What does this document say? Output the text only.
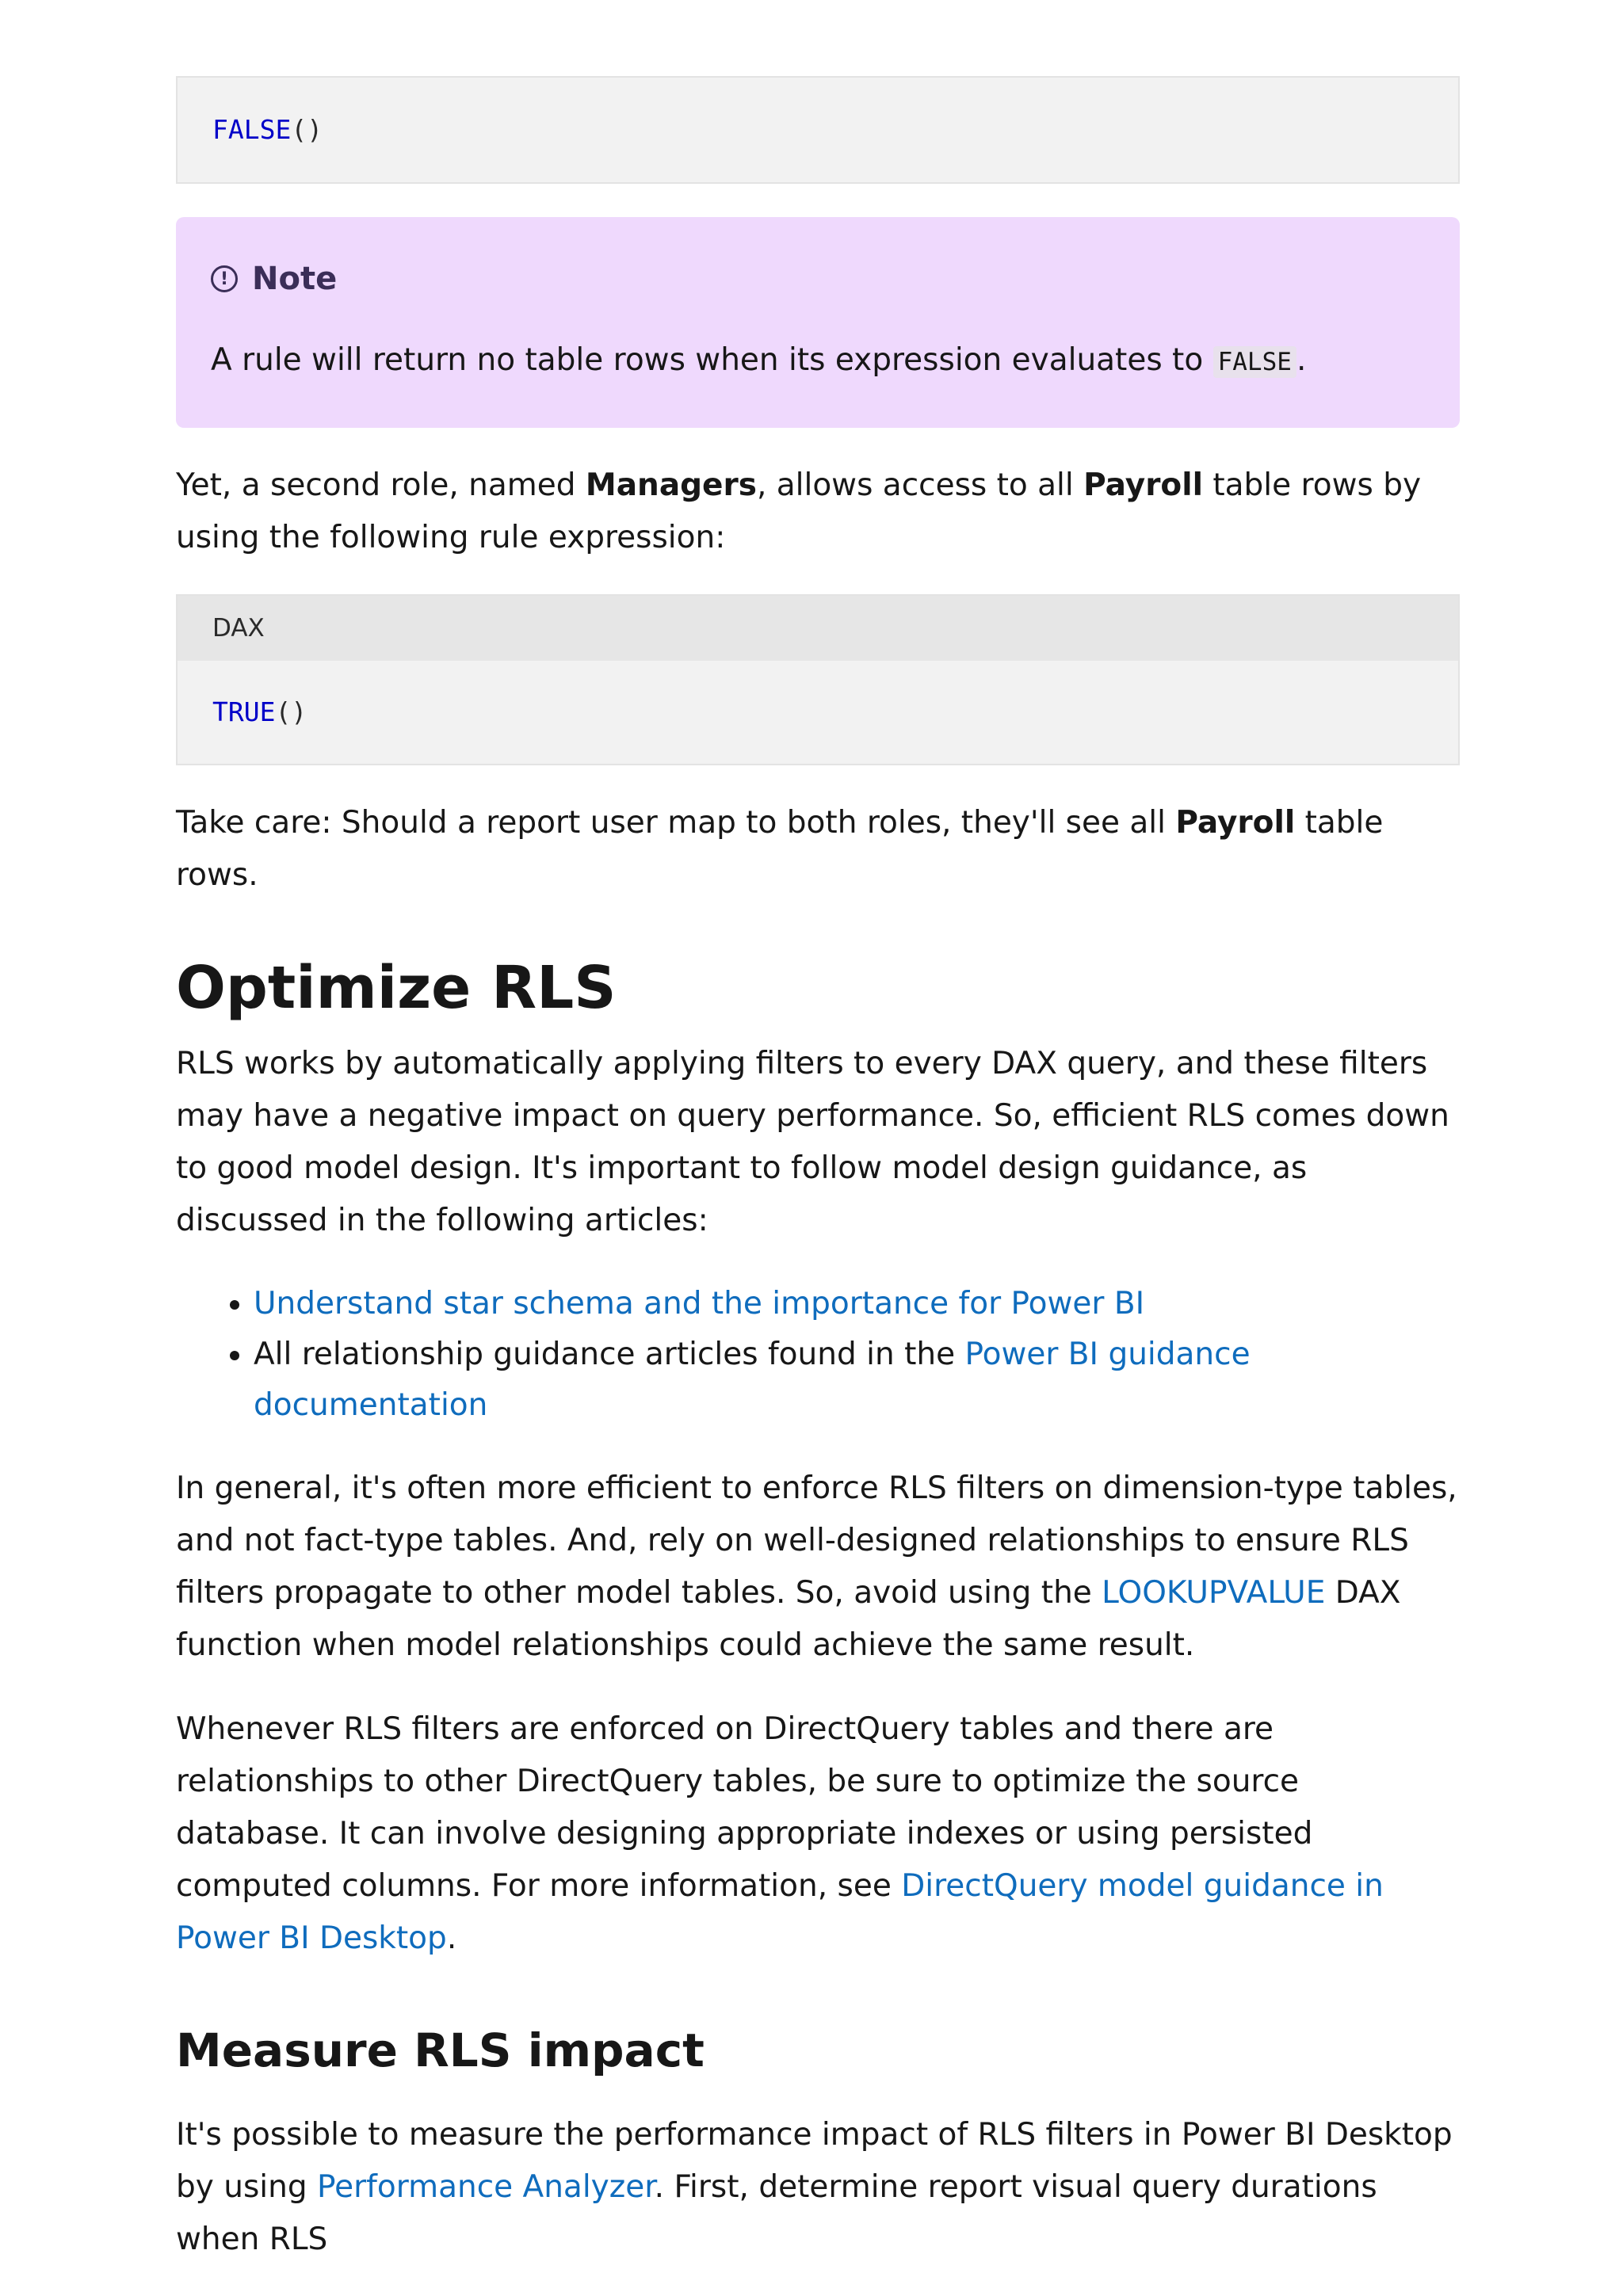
FALSE()
! Note
A rule will return no table rows when its expression evaluates to FALSE .

Yet, a second role, named Managers, allows access to all Payroll table rows by using the following rule expression:

DAX
TRUE()

Take care: Should a report user map to both roles, they'll see all Payroll table rows.

Optimize RLS

RLS works by automatically applying filters to every DAX query, and these filters may have a negative impact on query performance. So, efficient RLS comes down to good model design. It's important to follow model design guidance, as discussed in the following articles:

• Understand star schema and the importance for Power BI
• All relationship guidance articles found in the Power BI guidance documentation

In general, it's often more efficient to enforce RLS filters on dimension-type tables, and not fact-type tables. And, rely on well-designed relationships to ensure RLS filters propagate to other model tables. So, avoid using the LOOKUPVALUE DAX function when model relationships could achieve the same result.

Whenever RLS filters are enforced on DirectQuery tables and there are relationships to other DirectQuery tables, be sure to optimize the source database. It can involve designing appropriate indexes or using persisted computed columns. For more information, see DirectQuery model guidance in Power BI Desktop.

Measure RLS impact

It's possible to measure the performance impact of RLS filters in Power BI Desktop by using Performance Analyzer. First, determine report visual query durations when RLS
